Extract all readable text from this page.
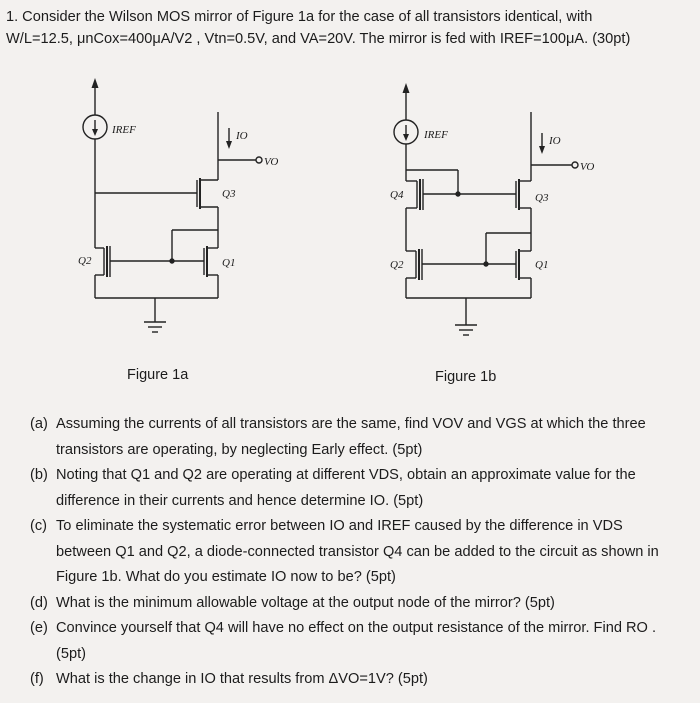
1. Consider the Wilson MOS mirror of Figure 1a for the case of all transistors identical, with
W/L=12.5, μnCox=400μA/V2 , Vtn=0.5V, and VA=20V. The mirror is fed with IREF=100μA. (30pt)
IREF	IO
VO
Q3
Q2	Q1
IREF	IO
VO
Q4	Q3
Q2	Q1
Figure 1a	Figure 1b
(a) Assuming the currents of all transistors are the same, find VOV and VGS at which the three transistors are operating, by neglecting Early effect. (5pt)
(b) Noting that Q1 and Q2 are operating at different VDS, obtain an approximate value for the difference in their currents and hence determine IO. (5pt)
(c) To eliminate the systematic error between IO and IREF caused by the difference in VDS between Q1 and Q2, a diode-connected transistor Q4 can be added to the circuit as shown in Figure 1b. What do you estimate IO now to be? (5pt)
(d) What is the minimum allowable voltage at the output node of the mirror? (5pt)
(e) Convince yourself that Q4 will have no effect on the output resistance of the mirror. Find RO . (5pt)
(f) What is the change in IO that results from ΔVO=1V? (5pt)
